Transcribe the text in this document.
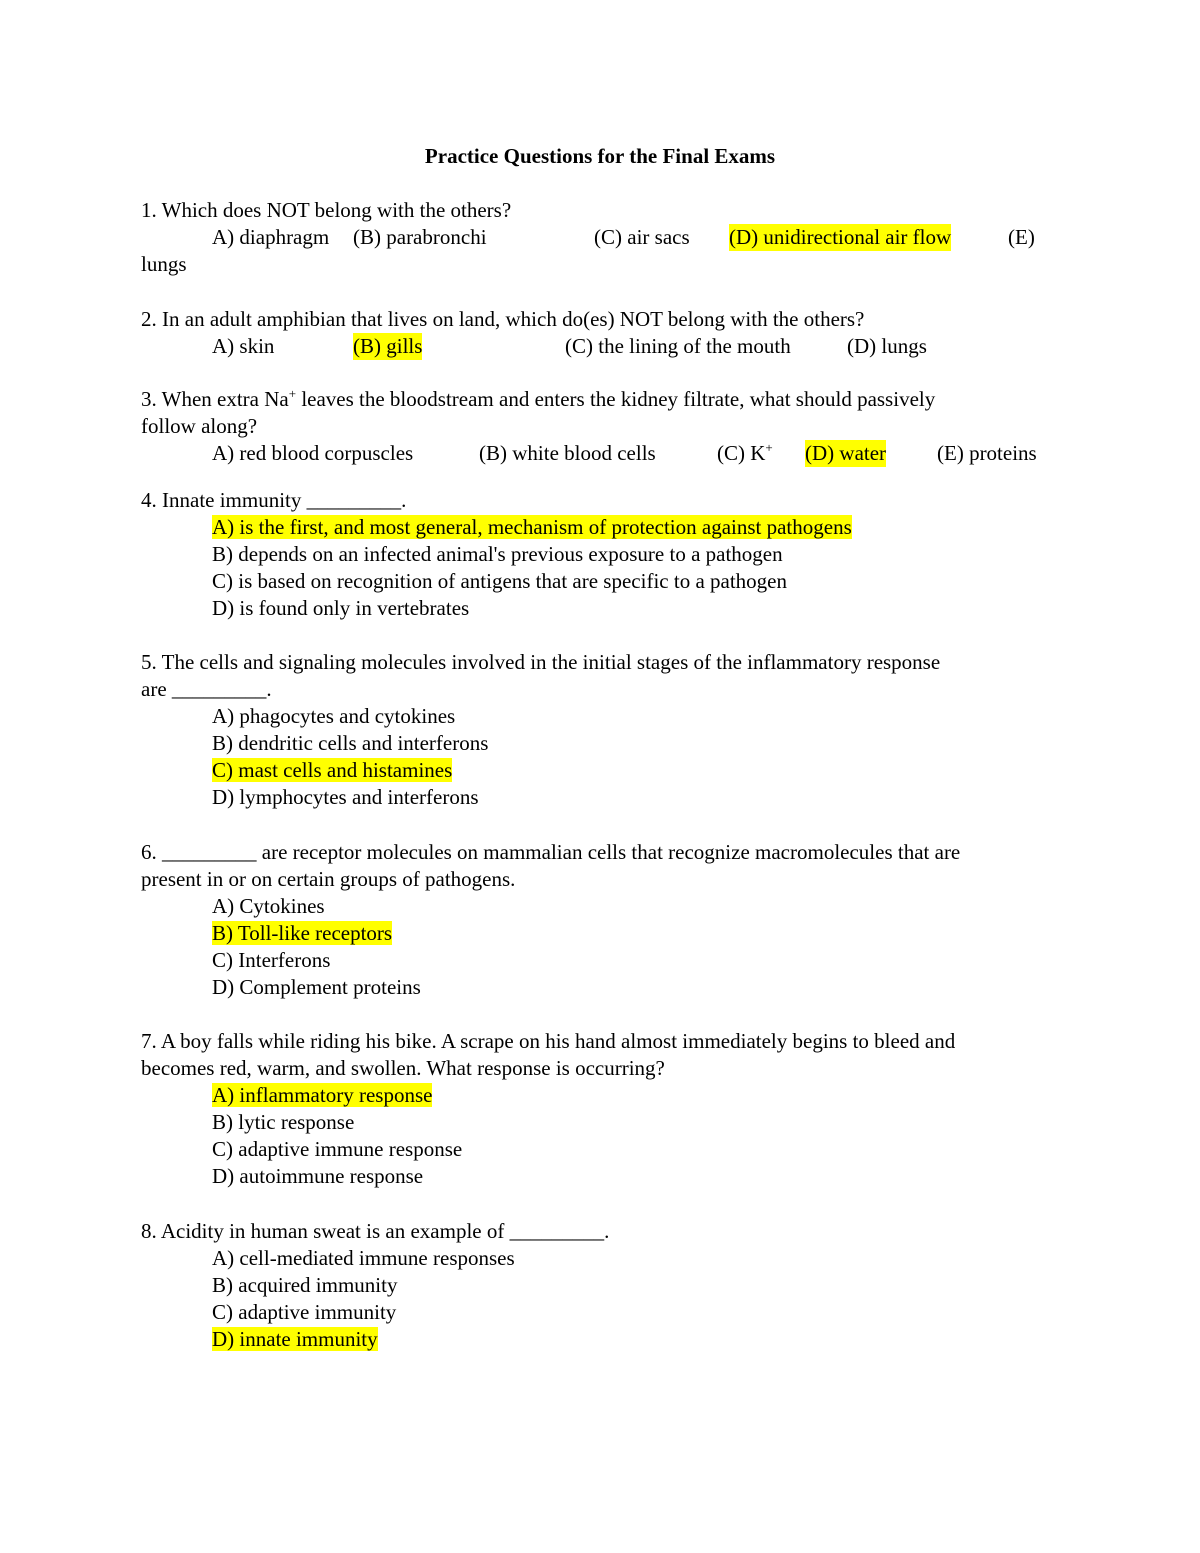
Practice Questions for the Final Exams
1. Which does NOT belong with the others?
A) diaphragm (B) parabronchi	(C) air sacs (D) unidirectional air flow	(E)
lungs
2. In an adult amphibian that lives on land, which do(es) NOT belong with the others?
A) skin	(B) gills	(C) the lining of the mouth	(D) lungs
3. When extra Na+ leaves the bloodstream and enters the kidney filtrate, what should passively
follow along?
A) red blood corpuscles	(B) white blood cells	(C) K+ (D) water (E) proteins
4. Innate immunity _________.
A) is the first, and most general, mechanism of protection against pathogens
B) depends on an infected animal's previous exposure to a pathogen
C) is based on recognition of antigens that are specific to a pathogen
D) is found only in vertebrates
5. The cells and signaling molecules involved in the initial stages of the inflammatory response
are _________.
A) phagocytes and cytokines
B) dendritic cells and interferons
C) mast cells and histamines
D) lymphocytes and interferons
6. _________ are receptor molecules on mammalian cells that recognize macromolecules that are
present in or on certain groups of pathogens.
A) Cytokines
B) Toll-like receptors
C) Interferons
D) Complement proteins
7. A boy falls while riding his bike. A scrape on his hand almost immediately begins to bleed and
becomes red, warm, and swollen. What response is occurring?
A) inflammatory response
B) lytic response
C) adaptive immune response
D) autoimmune response
8. Acidity in human sweat is an example of _________.
A) cell-mediated immune responses
B) acquired immunity
C) adaptive immunity
D) innate immunity
